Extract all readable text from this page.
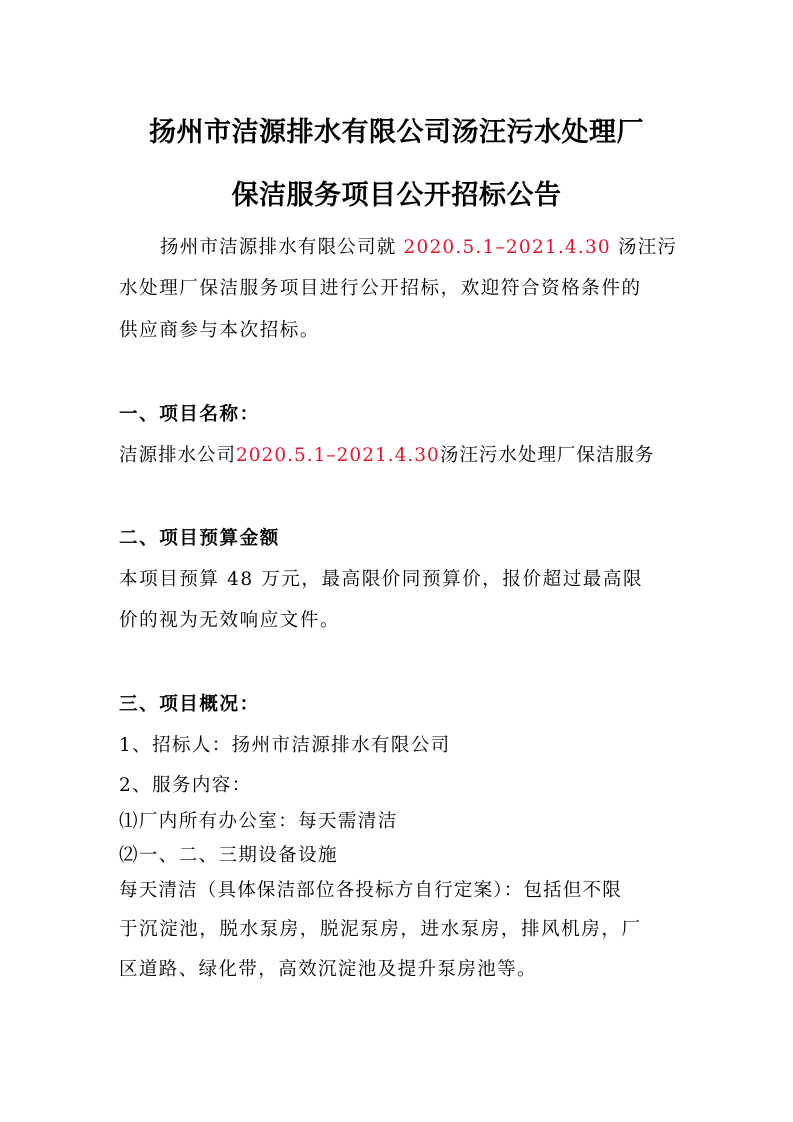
扬州市洁源排水有限公司汤汪污水处理厂
保洁服务项目公开招标公告
扬州市洁源排水有限公司就 2020.5.1–2021.4.30 汤汪污
水处理厂保洁服务项目进行公开招标，欢迎符合资格条件的
供应商参与本次招标。
一、项目名称：
洁源排水公司2020.5.1–2021.4.30汤汪污水处理厂保洁服务
二、项目预算金额
本项目预算 48 万元，最高限价同预算价，报价超过最高限
价的视为无效响应文件。
三、项目概况：
1、招标人：扬州市洁源排水有限公司
2、服务内容：
⑴厂内所有办公室：每天需清洁
⑵一、二、三期设备设施
每天清洁（具体保洁部位各投标方自行定案）：包括但不限
于沉淀池，脱水泵房，脱泥泵房，进水泵房，排风机房，厂
区道路、绿化带，高效沉淀池及提升泵房池等。
